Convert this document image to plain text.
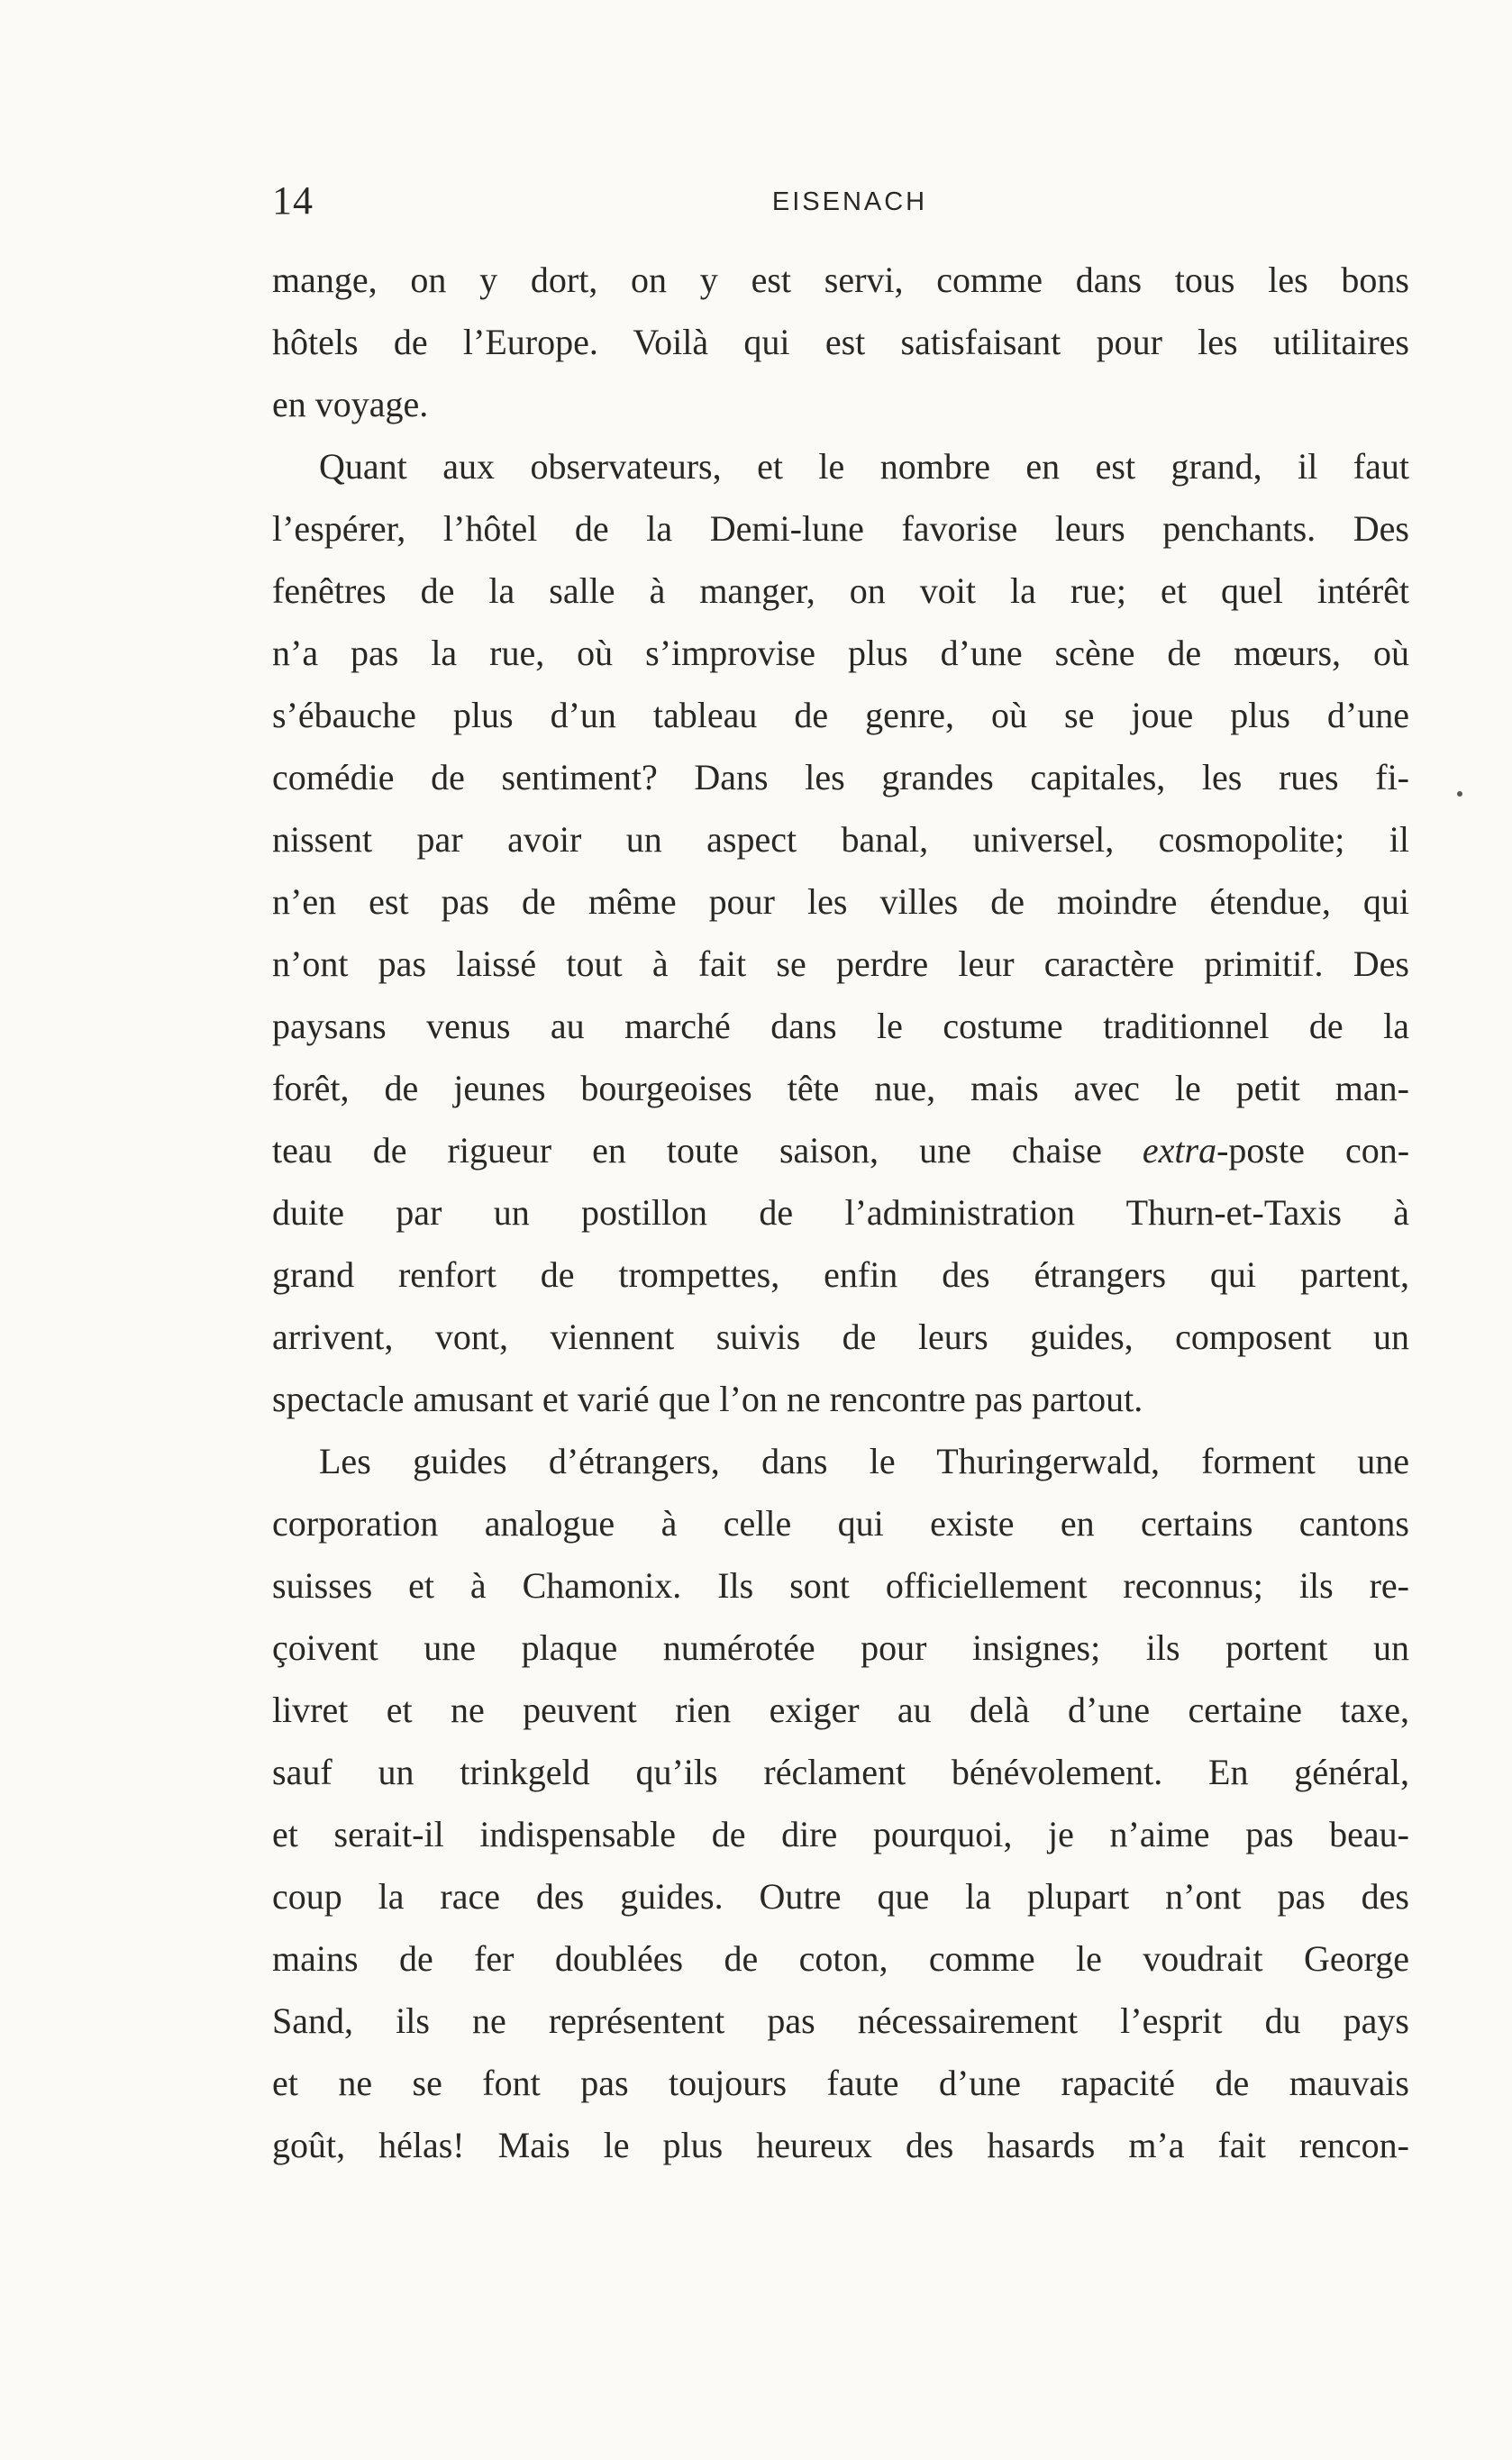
14	EISENACH
mange, on y dort, on y est servi, comme dans tous les bons
hôtels de l’Europe. Voilà qui est satisfaisant pour les utilitaires
en voyage.
Quant aux observateurs, et le nombre en est grand, il faut
l’espérer, l’hôtel de la Demi-lune favorise leurs penchants. Des
fenêtres de la salle à manger, on voit la rue; et quel intérêt
n’a pas la rue, où s’improvise plus d’une scène de mœurs, où
s’ébauche plus d’un tableau de genre, où se joue plus d’une
comédie de sentiment? Dans les grandes capitales, les rues fi-
nissent par avoir un aspect banal, universel, cosmopolite; il
n’en est pas de même pour les villes de moindre étendue, qui
n’ont pas laissé tout à fait se perdre leur caractère primitif. Des
paysans venus au marché dans le costume traditionnel de la
forêt, de jeunes bourgeoises tête nue, mais avec le petit man-
teau de rigueur en toute saison, une chaise extra-poste con-
duite par un postillon de l’administration Thurn-et-Taxis à
grand renfort de trompettes, enfin des étrangers qui partent,
arrivent, vont, viennent suivis de leurs guides, composent un
spectacle amusant et varié que l’on ne rencontre pas partout.
Les guides d’étrangers, dans le Thuringerwald, forment une
corporation analogue à celle qui existe en certains cantons
suisses et à Chamonix. Ils sont officiellement reconnus; ils re-
çoivent une plaque numérotée pour insignes; ils portent un
livret et ne peuvent rien exiger au delà d’une certaine taxe,
sauf un trinkgeld qu’ils réclament bénévolement. En général,
et serait-il indispensable de dire pourquoi, je n’aime pas beau-
coup la race des guides. Outre que la plupart n’ont pas des
mains de fer doublées de coton, comme le voudrait George
Sand, ils ne représentent pas nécessairement l’esprit du pays
et ne se font pas toujours faute d’une rapacité de mauvais
goût, hélas! Mais le plus heureux des hasards m’a fait rencon-
